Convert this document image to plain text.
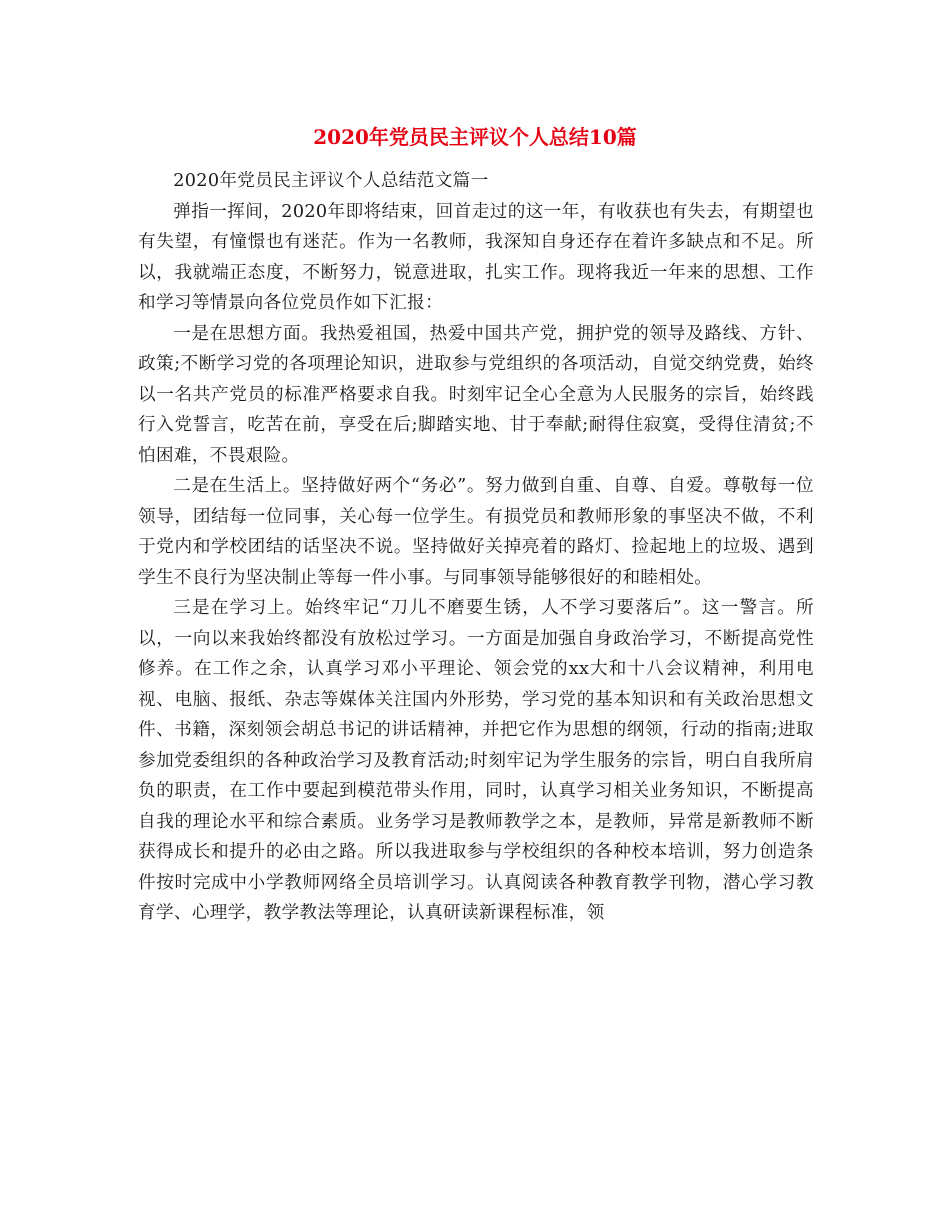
2020年党员民主评议个人总结10篇

2020年党员民主评议个人总结范文篇一

弹指一挥间，2020年即将结束，回首走过的这一年，有收获也有失去，有期望也有失望，有憧憬也有迷茫。作为一名教师，我深知自身还存在着许多缺点和不足。所以，我就端正态度，不断努力，锐意进取，扎实工作。现将我近一年来的思想、工作和学习等情景向各位党员作如下汇报：

一是在思想方面。我热爱祖国，热爱中国共产党，拥护党的领导及路线、方针、政策;不断学习党的各项理论知识，进取参与党组织的各项活动，自觉交纳党费，始终以一名共产党员的标准严格要求自我。时刻牢记全心全意为人民服务的宗旨，始终践行入党誓言，吃苦在前，享受在后;脚踏实地、甘于奉献;耐得住寂寞，受得住清贫;不怕困难，不畏艰险。

二是在生活上。坚持做好两个“务必”。努力做到自重、自尊、自爱。尊敬每一位领导，团结每一位同事，关心每一位学生。有损党员和教师形象的事坚决不做，不利于党内和学校团结的话坚决不说。坚持做好关掉亮着的路灯、捡起地上的垃圾、遇到学生不良行为坚决制止等每一件小事。与同事领导能够很好的和睦相处。

三是在学习上。始终牢记“刀儿不磨要生锈，人不学习要落后”。这一警言。所以，一向以来我始终都没有放松过学习。一方面是加强自身政治学习，不断提高党性修养。在工作之余，认真学习邓小平理论、领会党的xx大和十八会议精神，利用电视、电脑、报纸、杂志等媒体关注国内外形势，学习党的基本知识和有关政治思想文件、书籍，深刻领会胡总书记的讲话精神，并把它作为思想的纲领，行动的指南;进取参加党委组织的各种政治学习及教育活动;时刻牢记为学生服务的宗旨，明白自我所肩负的职责，在工作中要起到模范带头作用，同时，认真学习相关业务知识，不断提高自我的理论水平和综合素质。业务学习是教师教学之本，是教师，异常是新教师不断获得成长和提升的必由之路。所以我进取参与学校组织的各种校本培训，努力创造条件按时完成中小学教师网络全员培训学习。认真阅读各种教育教学刊物，潜心学习教育学、心理学，教学教法等理论，认真研读新课程标准，领
